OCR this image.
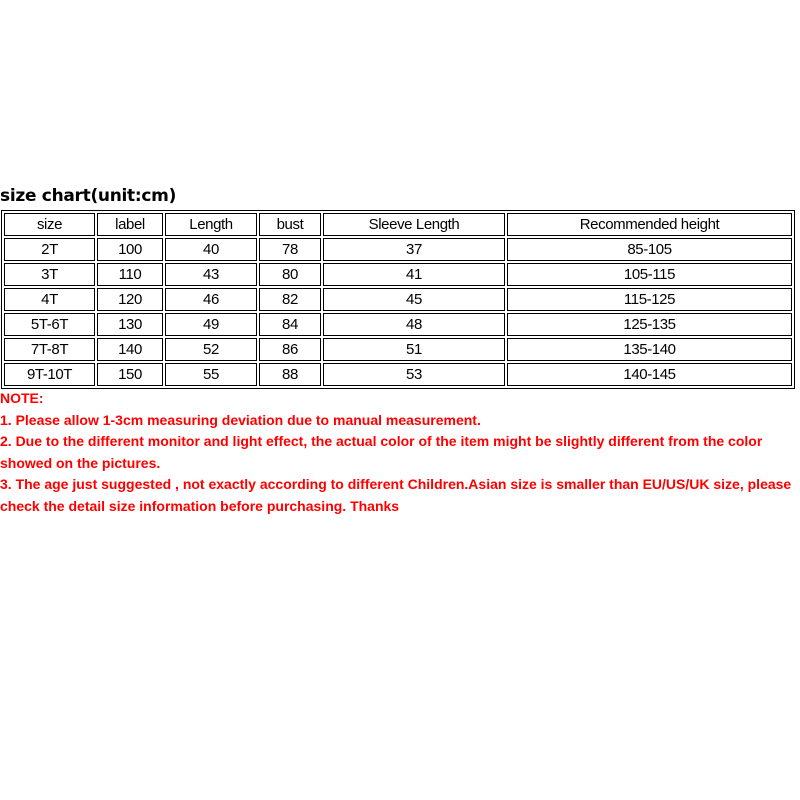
size chart(unit:cm)
size	label	Length	bust	Sleeve Length	Recommended height
2T	100	40	78	37	85-105
3T	110	43	80	41	105-115
4T	120	46	82	45	115-125
5T-6T	130	49	84	48	125-135
7T-8T	140	52	86	51	135-140
9T-10T	150	55	88	53	140-145
NOTE:
1. Please allow 1-3cm measuring deviation due to manual measurement.
2. Due to the different monitor and light effect, the actual color of the item might be slightly different from the color showed on the pictures.
3. The age just suggested , not exactly according to different Children.Asian size is smaller than EU/US/UK size, please check the detail size information before purchasing. Thanks
